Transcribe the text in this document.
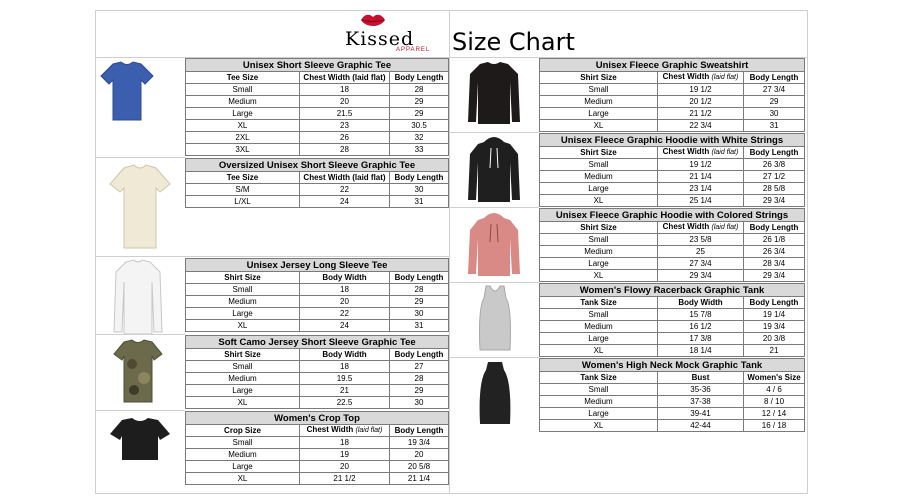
Kissed
APPAREL Size Chart
Unisex Short Sleeve Graphic Tee		
Tee Size	Chest Width (laid flat)	Body Length
Small	18	28
Medium	20	29
Large	21.5	29
XL	23	30.5
2XL	26	32
3XL	28	33
Oversized Unisex Short Sleeve Graphic Tee		
Tee Size	Chest Width (laid flat)	Body Length
S/M	22	30
L/XL	24	31
Unisex Jersey Long Sleeve Tee		
Shirt Size	Body Width	Body Length
Small	18	28
Medium	20	29
Large	22	30
XL	24	31
Soft Camo Jersey Short Sleeve Graphic Tee		
Shirt Size	Body Width	Body Length
Small	18	27
Medium	19.5	28
Large	21	29
XL	22.5	30
Women's Crop Top		
Crop Size	Chest Width (laid flat)	Body Length
Small	18	19 3/4
Medium	19	20
Large	20	20 5/8
XL	21 1/2	21 1/4
Unisex Fleece Graphic Sweatshirt		
Shirt Size	Chest Width (laid flat)	Body Length
Small	19 1/2	27 3/4
Medium	20 1/2	29
Large	21 1/2	30
XL	22 3/4	31
Unisex Fleece Graphic Hoodie with White Strings		
Shirt Size	Chest Width (laid flat)	Body Length
Small	19 1/2	26 3/8
Medium	21 1/4	27 1/2
Large	23 1/4	28 5/8
XL	25 1/4	29 3/4
Unisex Fleece Graphic Hoodie with Colored Strings		
Shirt Size	Chest Width (laid flat)	Body Length
Small	23 5/8	26 1/8
Medium	25	26 3/4
Large	27 3/4	28 3/4
XL	29 3/4	29 3/4
Women's Flowy Racerback Graphic Tank		
Tank Size	Body Width	Body Length
Small	15 7/8	19 1/4
Medium	16 1/2	19 3/4
Large	17 3/8	20 3/8
XL	18 1/4	21
Women's High Neck Mock Graphic Tank		
Tank Size	Bust	Women's Size
Small	35-36	4 / 6
Medium	37-38	8 / 10
Large	39-41	12 / 14
XL	42-44	16 / 18
